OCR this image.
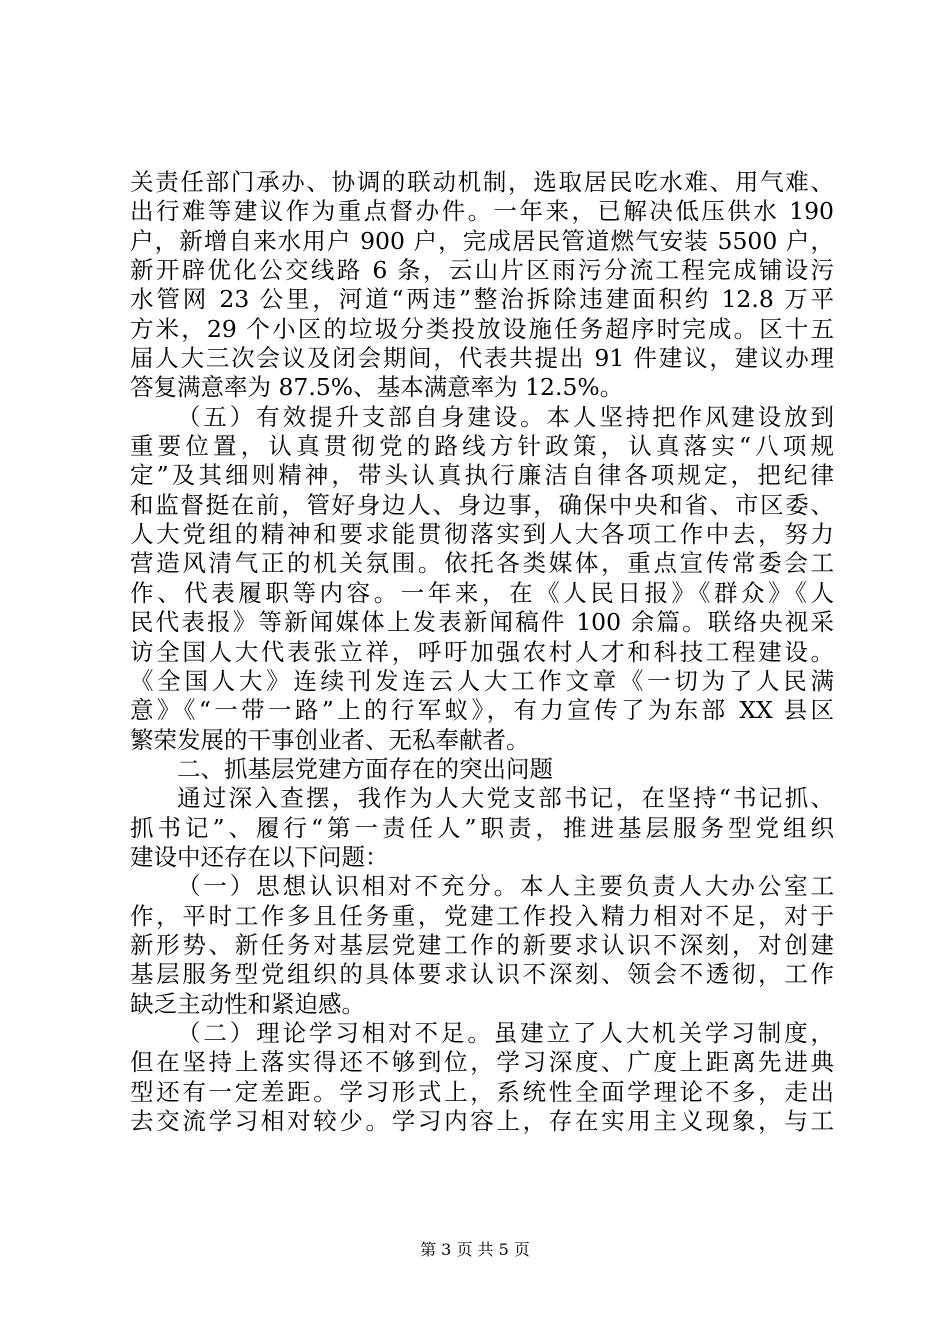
关责任部门承办、协调的联动机制，选取居民吃水难、用气难、
出行难等建议作为重点督办件。一年来，已解决低压供水 190
户，新增自来水用户 900 户，完成居民管道燃气安装 5500 户，
新开辟优化公交线路 6 条，云山片区雨污分流工程完成铺设污
水管网 23 公里，河道“两违”整治拆除违建面积约 12.8 万平
方米，29 个小区的垃圾分类投放设施任务超序时完成。区十五
届人大三次会议及闭会期间，代表共提出 91 件建议，建议办理
答复满意率为 87.5%、基本满意率为 12.5%。
（五）有效提升支部自身建设。本人坚持把作风建设放到
重要位置，认真贯彻党的路线方针政策，认真落实“八项规
定”及其细则精神，带头认真执行廉洁自律各项规定，把纪律
和监督挺在前，管好身边人、身边事，确保中央和省、市区委、
人大党组的精神和要求能贯彻落实到人大各项工作中去，努力
营造风清气正的机关氛围。依托各类媒体，重点宣传常委会工
作、代表履职等内容。一年来，在《人民日报》《群众》《人
民代表报》等新闻媒体上发表新闻稿件 100 余篇。联络央视采
访全国人大代表张立祥，呼吁加强农村人才和科技工程建设。
《全国人大》连续刊发连云人大工作文章《一切为了人民满
意》《“一带一路”上的行军蚁》，有力宣传了为东部 XX 县区
繁荣发展的干事创业者、无私奉献者。
二、抓基层党建方面存在的突出问题
通过深入查摆，我作为人大党支部书记，在坚持“书记抓、
抓书记”、履行“第一责任人”职责，推进基层服务型党组织
建设中还存在以下问题：
（一）思想认识相对不充分。本人主要负责人大办公室工
作，平时工作多且任务重，党建工作投入精力相对不足，对于
新形势、新任务对基层党建工作的新要求认识不深刻，对创建
基层服务型党组织的具体要求认识不深刻、领会不透彻，工作
缺乏主动性和紧迫感。
（二）理论学习相对不足。虽建立了人大机关学习制度，
但在坚持上落实得还不够到位，学习深度、广度上距离先进典
型还有一定差距。学习形式上，系统性全面学理论不多，走出
去交流学习相对较少。学习内容上，存在实用主义现象，与工
第 3 页 共 5 页
